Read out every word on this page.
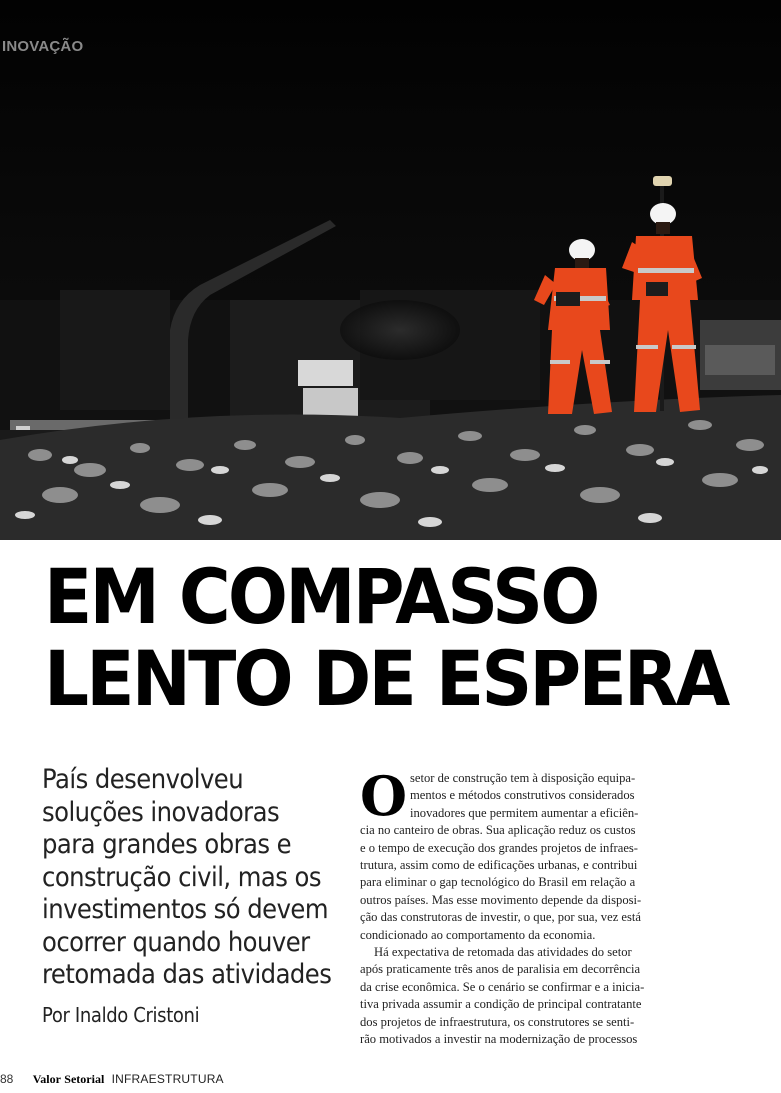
INOVAÇÃO
EM COMPASSO
LENTO DE ESPERA
País desenvolveu
soluções inovadoras
para grandes obras e
construção civil, mas os
investimentos só devem
ocorrer quando houver
retomada das atividades
Por Inaldo Cristoni
O setor de construção tem à disposição equipa-
mentos e métodos construtivos considerados
inovadores que permitem aumentar a eficiên-
cia no canteiro de obras. Sua aplicação reduz os custos
e o tempo de execução dos grandes projetos de infraes-
trutura, assim como de edificações urbanas, e contribui
para eliminar o gap tecnológico do Brasil em relação a
outros países. Mas esse movimento depende da disposi-
ção das construtoras de investir, o que, por sua, vez está
condicionado ao comportamento da economia.
Há expectativa de retomada das atividades do setor
após praticamente três anos de paralisia em decorrência
da crise econômica. Se o cenário se confirmar e a inicia-
tiva privada assumir a condição de principal contratante
dos projetos de infraestrutura, os construtores se senti-
rão motivados a investir na modernização de processos
88 Valor Setorial INFRAESTRUTURA
